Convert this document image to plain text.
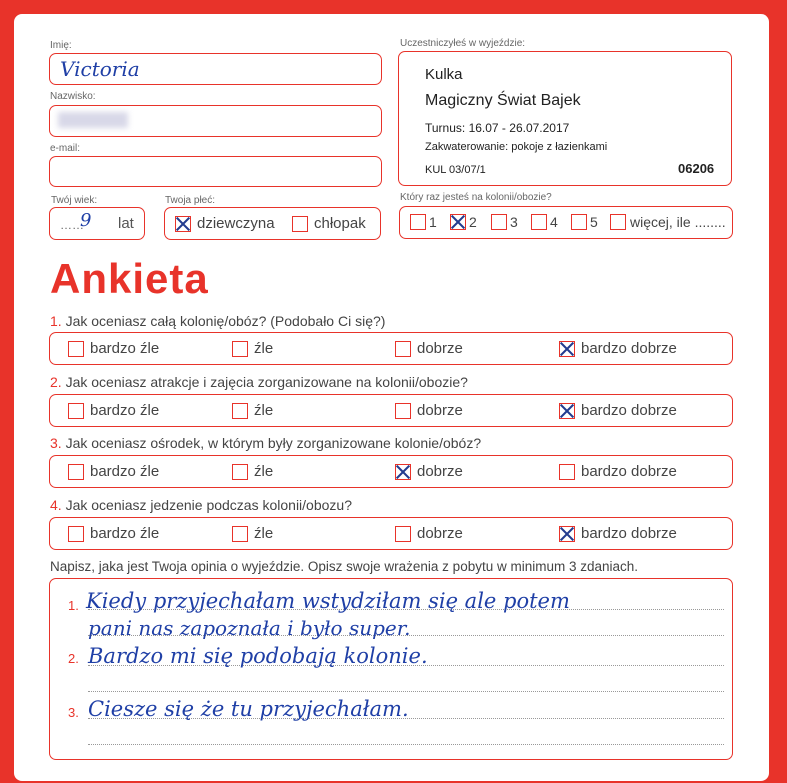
Imię:
Victoria
Nazwisko:
e-mail:
Twój wiek:
……
9 lat
Twoja płeć:
dziewczyna	chłopak
Uczestniczyłeś w wyjeździe:
Kulka
Magiczny Świat Bajek
Turnus: 16.07 - 26.07.2017
Zakwaterowanie: pokoje z łazienkami
KUL 03/07/1	06206
Który raz jesteś na kolonii/obozie?
1 2 3 4 5 więcej, ile ........
Ankieta
1. Jak oceniasz całą kolonię/obóz? (Podobało Ci się?)
bardzo źle	źle	dobrze	bardzo dobrze
2. Jak oceniasz atrakcje i zajęcia zorganizowane na kolonii/obozie?
bardzo źle	źle	dobrze	bardzo dobrze
3. Jak oceniasz ośrodek, w którym były zorganizowane kolonie/obóz?
bardzo źle	źle	dobrze	bardzo dobrze
4. Jak oceniasz jedzenie podczas kolonii/obozu?
bardzo źle	źle	dobrze	bardzo dobrze
Napisz, jaka jest Twoja opinia o wyjeździe. Opisz swoje wrażenia z pobytu w minimum 3 zdaniach.
1.
2.
3.
Kiedy przyjechałam wstydziłam się ale potem
pani nas zapoznała i było super.
Bardzo mi się podobają kolonie.
Ciesze się że tu przyjechałam.
